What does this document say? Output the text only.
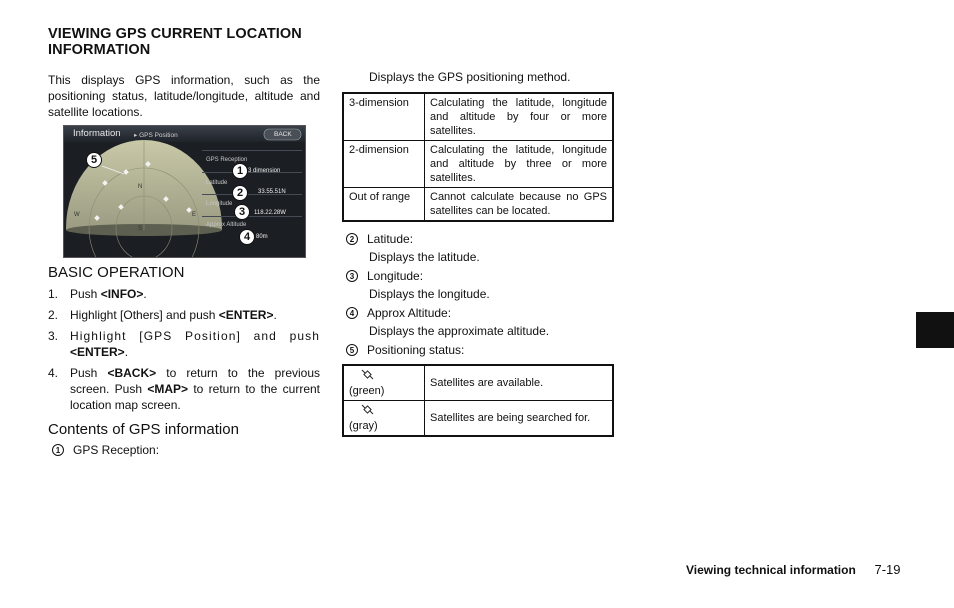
VIEWING GPS CURRENT LOCATION INFORMATION
This displays GPS information, such as the positioning status, latitude/longitude, altitude and satellite locations.
Information ▸ GPS Position	BACK
N
S
E
W
GPS Reception
3 dimension
Latitude
33.55.51N
Longitude
118.22.28W
Approx Altitude
80m
1
2
3
4
5
BASIC OPERATION
1. Push <INFO>.
2. Highlight [Others] and push <ENTER>.
3. Highlight [GPS Position] and push <ENTER>.
4. Push <BACK> to return to the previous screen. Push <MAP> to return to the current location map screen.
Contents of GPS information
1	GPS Reception:
Displays the GPS positioning method.
3-dimension	Calculating the latitude, longitude and altitude by four or more satellites.
2-dimension	Calculating the latitude, longitude and altitude by three or more satellites.
Out of range	Cannot calculate because no GPS satellites can be located.
2	Latitude:
Displays the latitude.
3	Longitude:
Displays the longitude.
4	Approx Altitude:
Displays the approximate altitude.
5	Positioning status:
(green)	Satellites are available.

(gray)	Satellites are being searched for.
Viewing technical information 7-19
